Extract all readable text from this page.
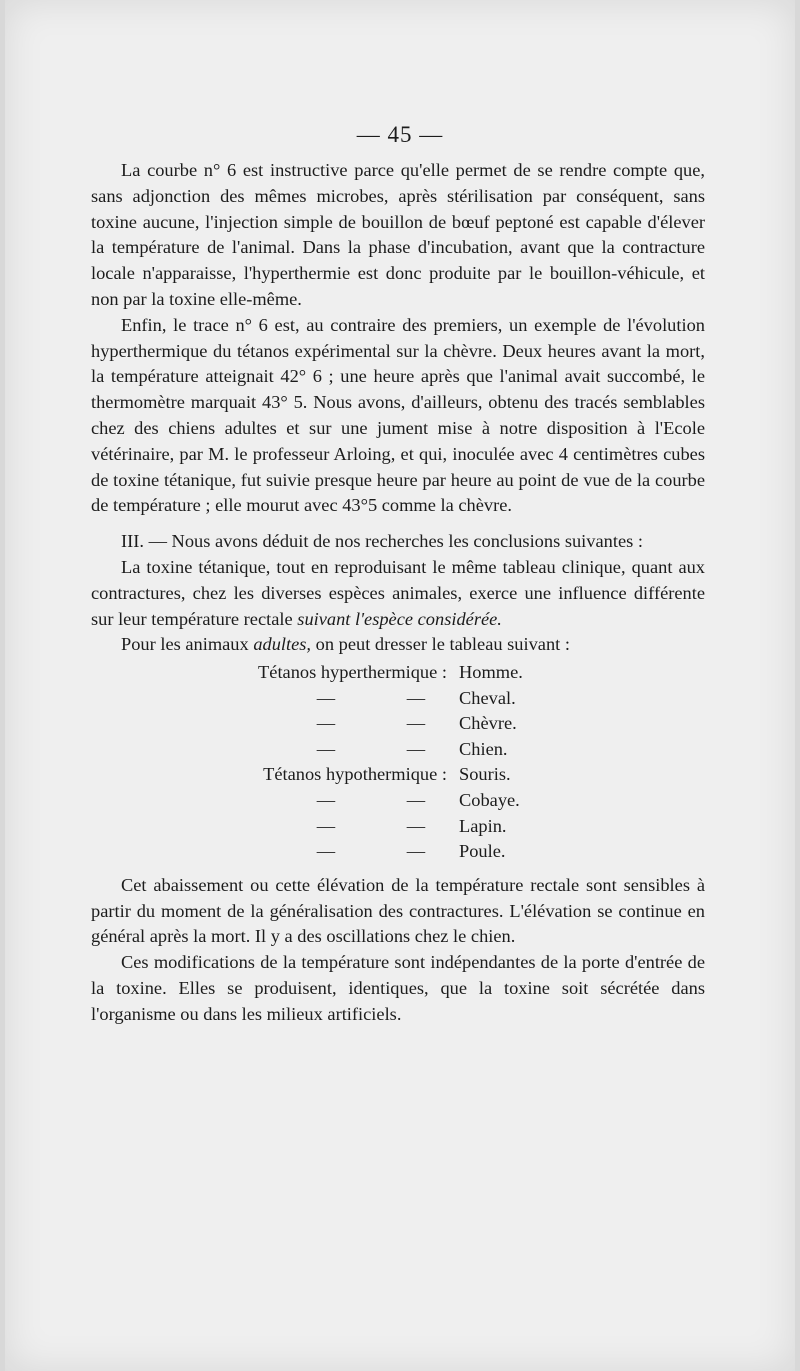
— 45 —

La courbe n° 6 est instructive parce qu'elle permet de se rendre compte que, sans adjonction des mêmes microbes, après stérilisation par conséquent, sans toxine aucune, l'injection simple de bouillon de bœuf peptoné est capable d'élever la température de l'animal. Dans la phase d'incubation, avant que la contracture locale n'apparaisse, l'hyperthermie est donc produite par le bouillon-véhicule, et non par la toxine elle-même.

Enfin, le trace n° 6 est, au contraire des premiers, un exemple de l'évolution hyperthermique du tétanos expérimental sur la chèvre. Deux heures avant la mort, la température atteignait 42° 6 ; une heure après que l'animal avait succombé, le thermomètre marquait 43° 5. Nous avons, d'ailleurs, obtenu des tracés semblables chez des chiens adultes et sur une jument mise à notre disposition à l'Ecole vétérinaire, par M. le professeur Arloing, et qui, inoculée avec 4 centimètres cubes de toxine tétanique, fut suivie presque heure par heure au point de vue de la courbe de température ; elle mourut avec 43°5 comme la chèvre.

III. — Nous avons déduit de nos recherches les conclusions suivantes :

La toxine tétanique, tout en reproduisant le même tableau clinique, quant aux contractures, chez les diverses espèces animales, exerce une influence différente sur leur température rectale suivant l'espèce considérée.

Pour les animaux adultes, on peut dresser le tableau suivant :

Tétanos hyperthermique : Homme.
—	—	Cheval.
—	—	Chèvre.
—	—	Chien.
Tétanos hypothermique : Souris.
—	—	Cobaye.
—	—	Lapin.
—	—	Poule.

Cet abaissement ou cette élévation de la température rectale sont sensibles à partir du moment de la généralisation des contractures. L'élévation se continue en général après la mort. Il y a des oscillations chez le chien.

Ces modifications de la température sont indépendantes de la porte d'entrée de la toxine. Elles se produisent, identiques, que la toxine soit sécrétée dans l'organisme ou dans les milieux artificiels.
